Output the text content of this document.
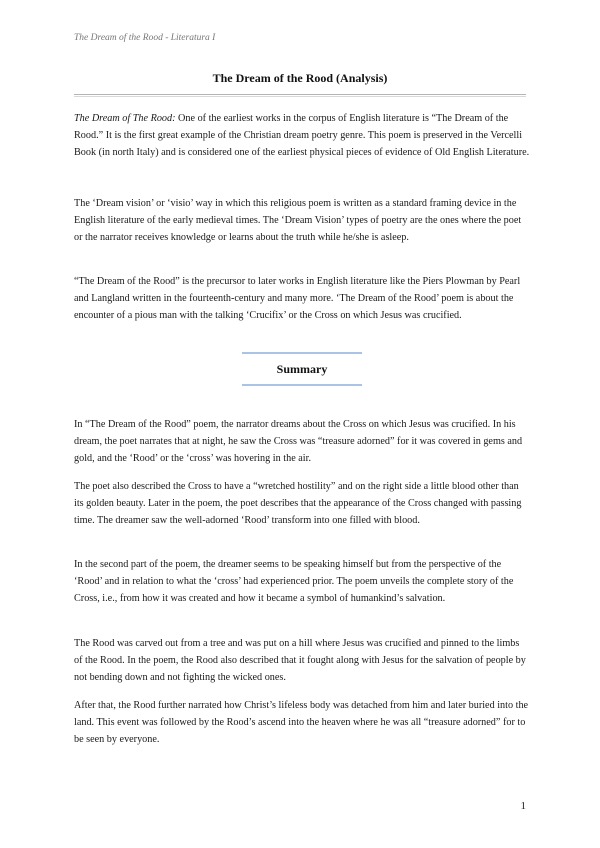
The Dream of the Rood - Literatura I
The Dream of the Rood (Analysis)

The Dream of The Rood: One of the earliest works in the corpus of English literature is “The Dream of the Rood.” It is the first great example of the Christian dream poetry genre. This poem is preserved in the Vercelli Book (in north Italy) and is considered one of the earliest physical pieces of evidence of Old English Literature.

The ‘Dream vision’ or ‘visio’ way in which this religious poem is written as a standard framing device in the English literature of the early medieval times. The ‘Dream Vision’ types of poetry are the ones where the poet or the narrator receives knowledge or learns about the truth while he/she is asleep.

“The Dream of the Rood” is the precursor to later works in English literature like the Piers Plowman by Pearl and Langland written in the fourteenth-century and many more. ‘The Dream of the Rood’ poem is about the encounter of a pious man with the talking ‘Crucifix’ or the Cross on which Jesus was crucified.

Summary

In “The Dream of the Rood” poem, the narrator dreams about the Cross on which Jesus was crucified. In his dream, the poet narrates that at night, he saw the Cross was “treasure adorned” for it was covered in gems and gold, and the ‘Rood’ or the ‘cross’ was hovering in the air.

The poet also described the Cross to have a “wretched hostility” and on the right side a little blood other than its golden beauty. Later in the poem, the poet describes that the appearance of the Cross changed with passing time. The dreamer saw the well-adorned ‘Rood’ transform into one filled with blood.

In the second part of the poem, the dreamer seems to be speaking himself but from the perspective of the ‘Rood’ and in relation to what the ‘cross’ had experienced prior. The poem unveils the complete story of the Cross, i.e., from how it was created and how it became a symbol of humankind’s salvation.

The Rood was carved out from a tree and was put on a hill where Jesus was crucified and pinned to the limbs of the Rood. In the poem, the Rood also described that it fought along with Jesus for the salvation of people by not bending down and not fighting the wicked ones.

After that, the Rood further narrated how Christ’s lifeless body was detached from him and later buried into the land. This event was followed by the Rood’s ascend into the heaven where he was all “treasure adorned” for to be seen by everyone.

1
